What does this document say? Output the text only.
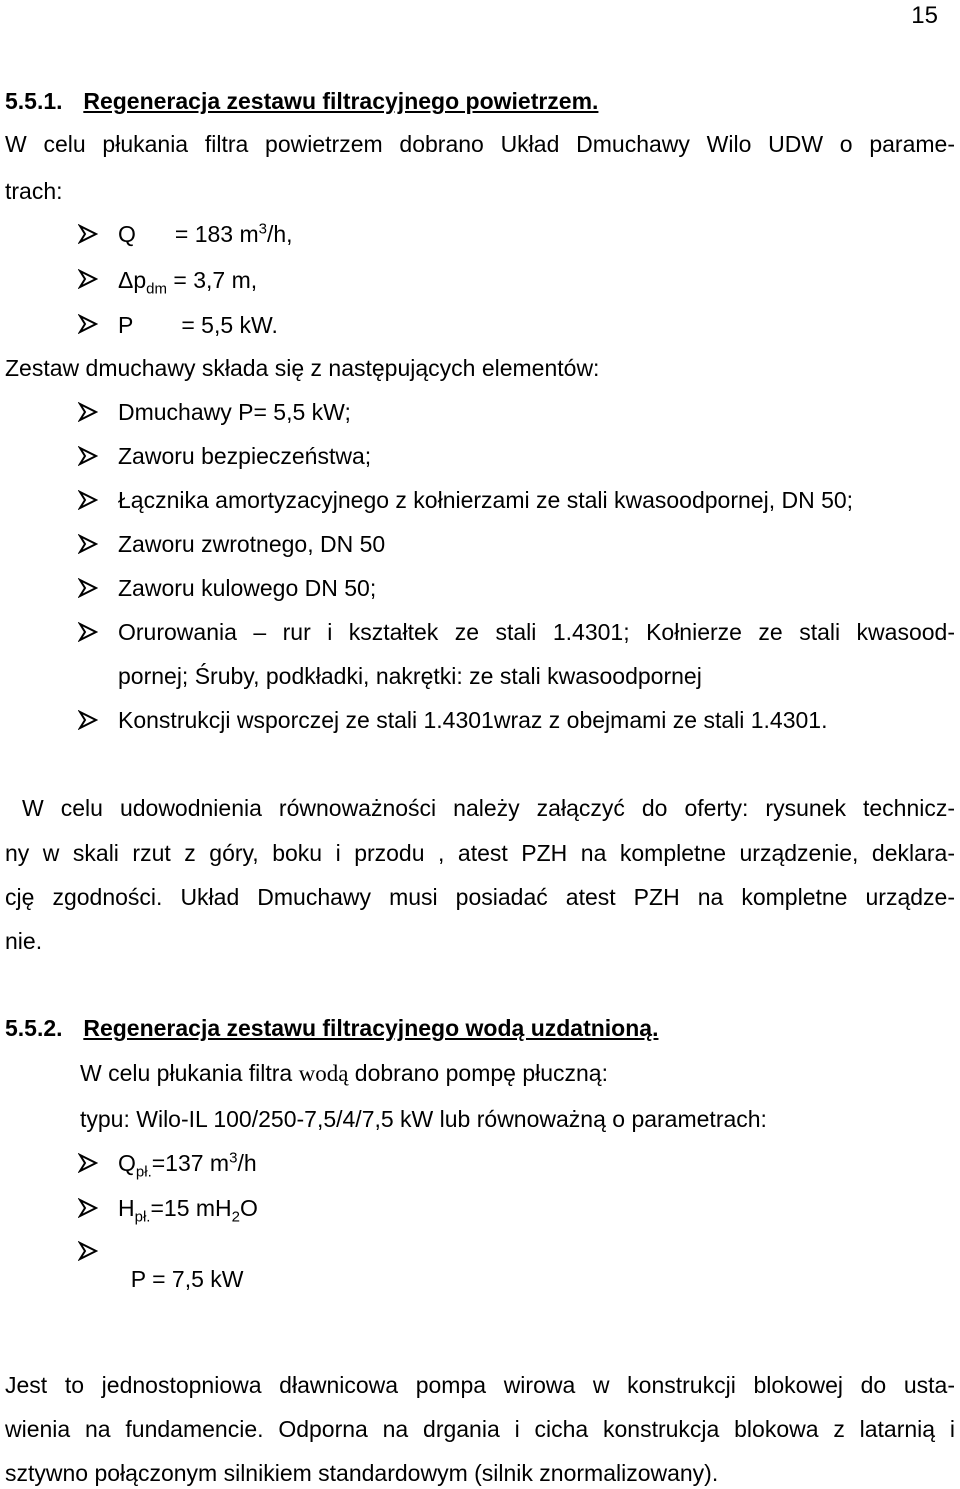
15
5.5.1. Regeneracja zestawu filtracyjnego powietrzem.
W celu płukania filtra powietrzem dobrano Układ Dmuchawy Wilo UDW o parame-
trach:
Q = 183 $m^3/h$,
$\Delta p_{dm} = 3,7$ m,
P = 5,5 kW.
Zestaw dmuchawy składa się z następujących elementów:
Dmuchawy P= 5,5 kW;
Zaworu bezpieczeństwa;
Łącznika amortyzacyjnego z kołnierzami ze stali kwasoodpornej, DN 50;
Zaworu zwrotnego, DN 50
Zaworu kulowego DN 50;
Orurowania – rur i kształtek ze stali 1.4301; Kołnierze ze stali kwasood-
pornej; Śruby, podkładki, nakrętki: ze stali kwasoodpornej
Konstrukcji wsporczej ze stali 1.4301wraz z obejmami ze stali 1.4301.
W celu udowodnienia równoważności należy załączyć do oferty: rysunek technicz-
ny w skali rzut z góry, boku i przodu , atest PZH na kompletne urządzenie, deklara-
cję zgodności. Układ Dmuchawy musi posiadać atest PZH na kompletne urządze-
nie.
5.5.2. Regeneracja zestawu filtracyjnego wodą uzdatnioną.
W celu płukania filtra wodą dobrano pompę płuczną:
typu: Wilo-IL 100/250-7,5/4/7,5 kW lub równoważną o parametrach:
$Q_{pł.}=137$ $m^3/h$
$H_{pł.}=15$ $mH_2O$

P = 7,5 kW

Jest to jednostopniowa dławnicowa pompa wirowa w konstrukcji blokowej do usta-
wienia na fundamencie. Odporna na drgania i cicha konstrukcja blokowa z latarnią i
sztywno połączonym silnikiem standardowym (silnik znormalizowany).
